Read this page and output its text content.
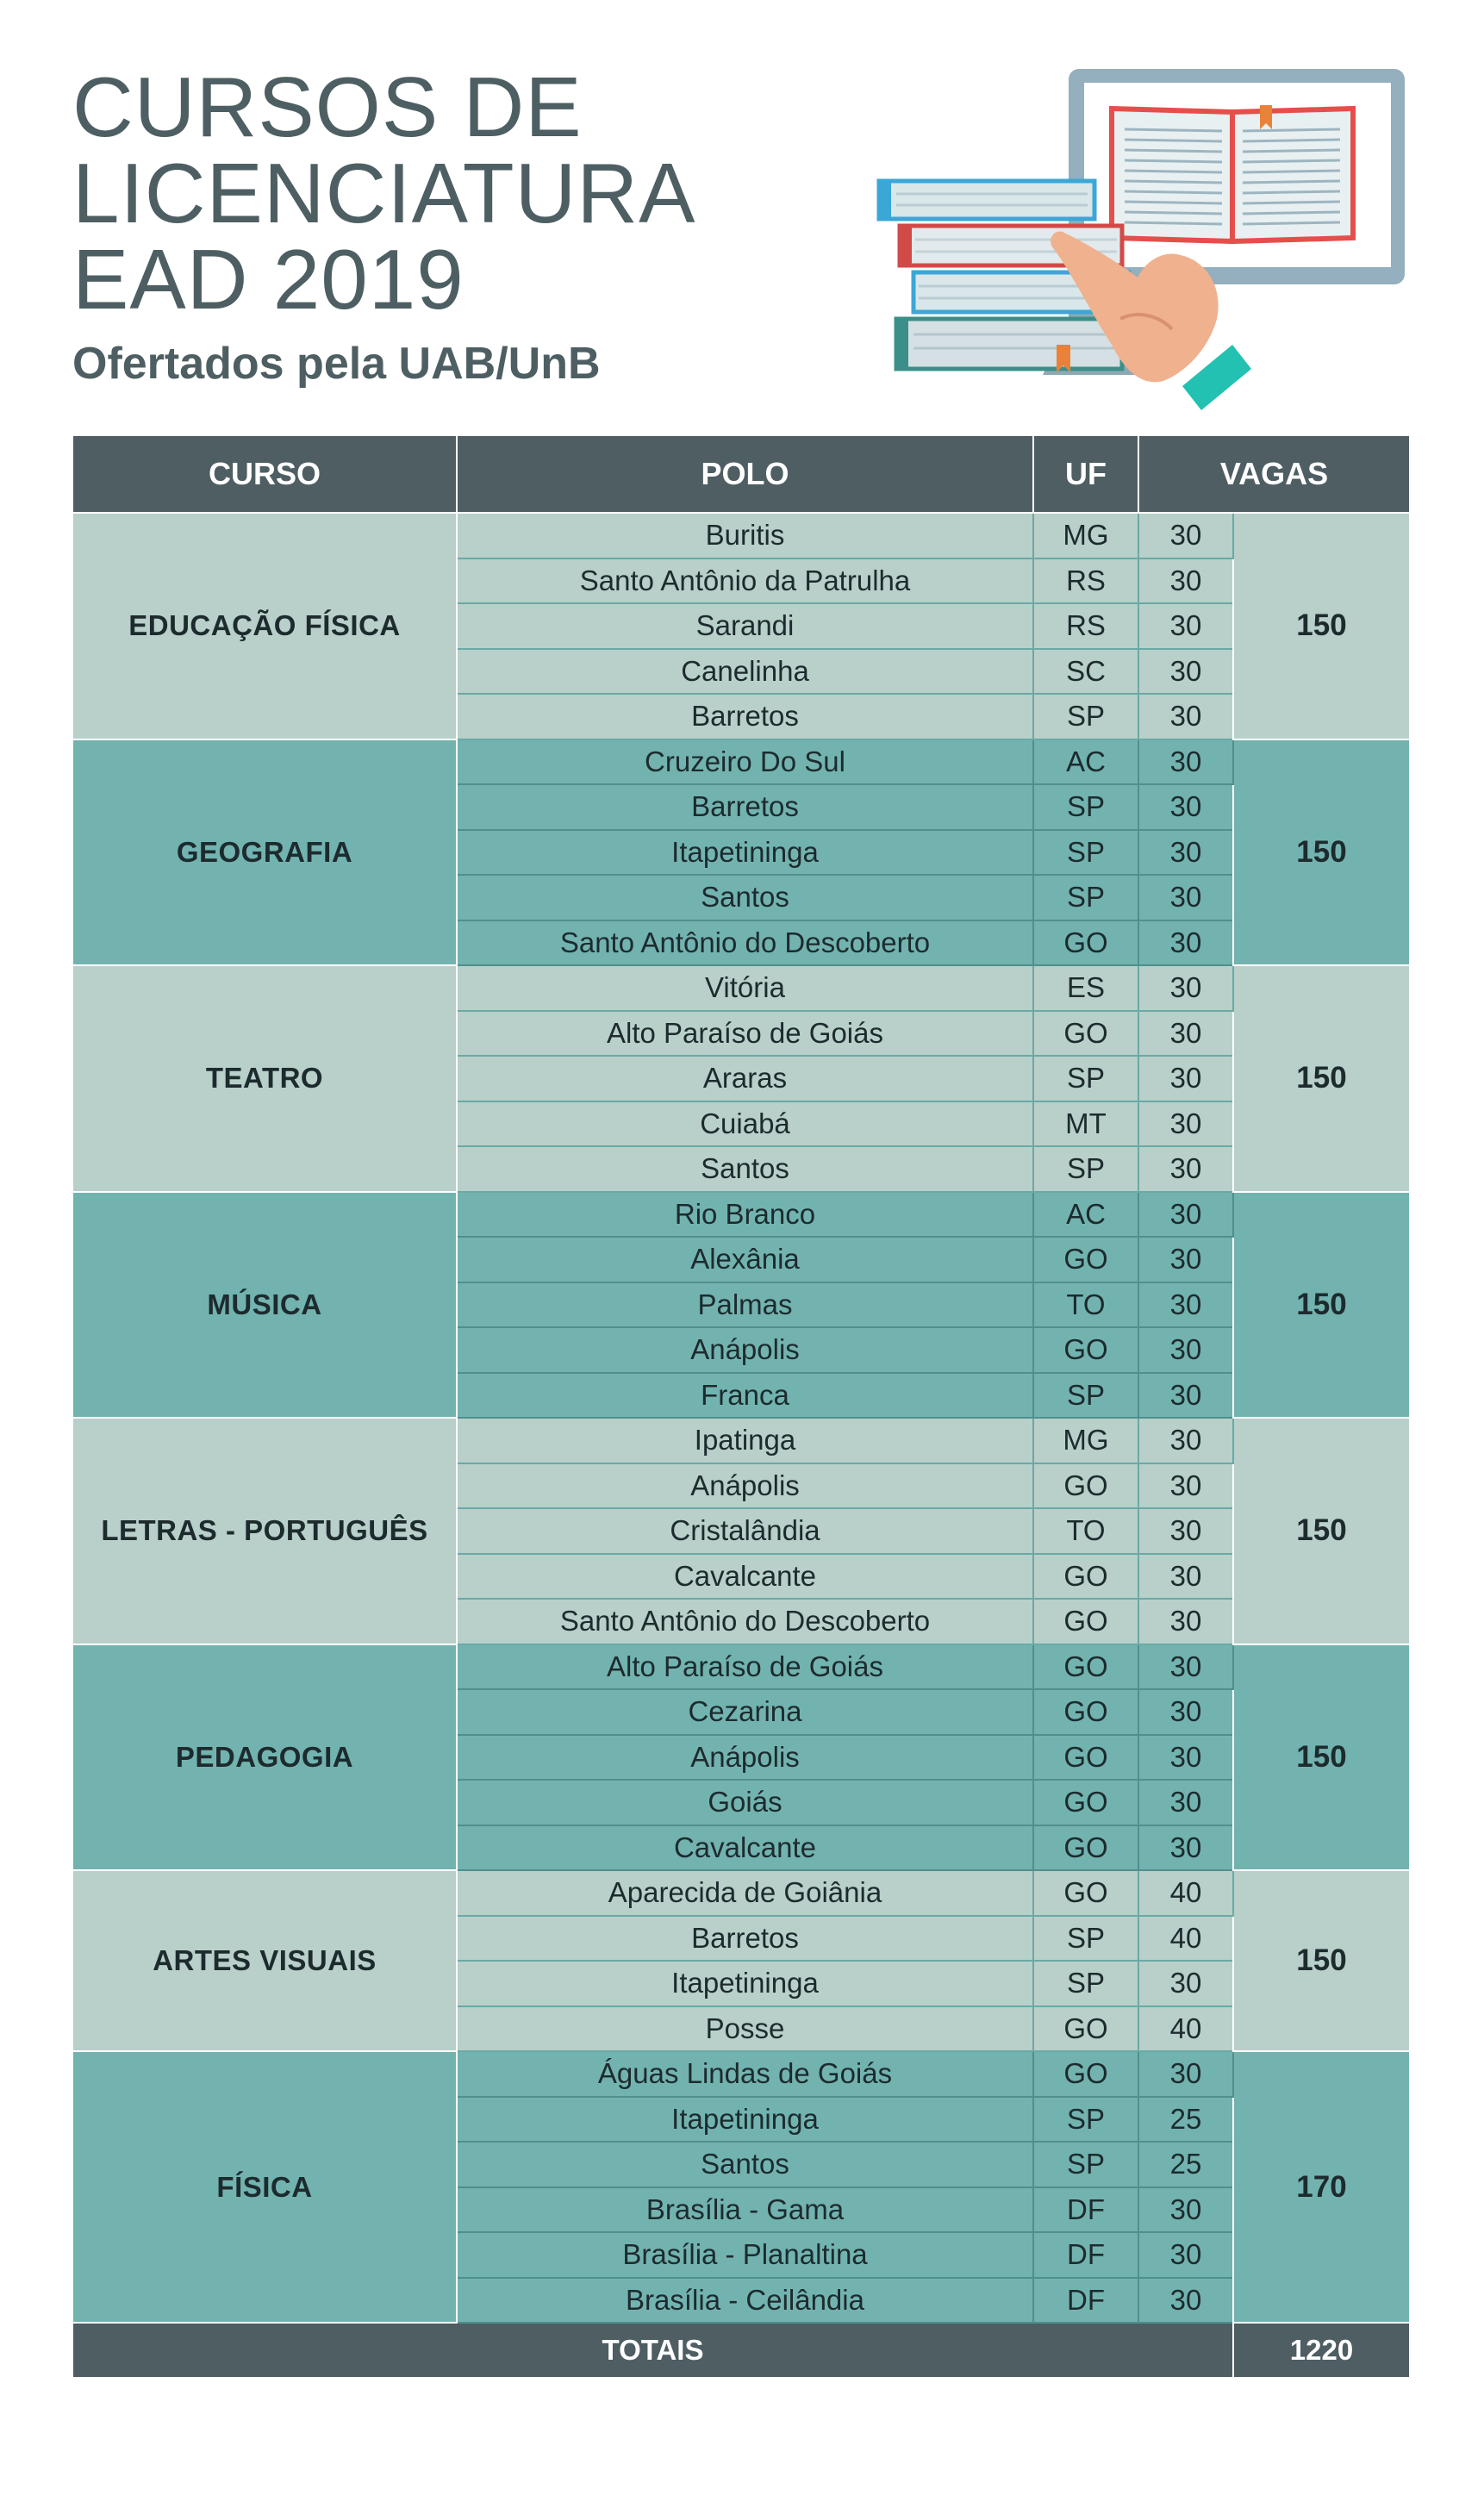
CURSOS DE
LICENCIATURA
EAD 2019
Ofertados pela UAB/UnB
CURSO	POLO	UF	VAGAS	
EDUCAÇÃO FÍSICA	Buritis	MG	30	150
	Santo Antônio da Patrulha	RS	30	
	Sarandi	RS	30	
	Canelinha	SC	30	
	Barretos	SP	30	
GEOGRAFIA	Cruzeiro Do Sul	AC	30	150
	Barretos	SP	30	
	Itapetininga	SP	30	
	Santos	SP	30	
	Santo Antônio do Descoberto	GO	30	
TEATRO	Vitória	ES	30	150
	Alto Paraíso de Goiás	GO	30	
	Araras	SP	30	
	Cuiabá	MT	30	
	Santos	SP	30	
MÚSICA	Rio Branco	AC	30	150
	Alexânia	GO	30	
	Palmas	TO	30	
	Anápolis	GO	30	
	Franca	SP	30	
LETRAS - PORTUGUÊS	Ipatinga	MG	30	150
	Anápolis	GO	30	
	Cristalândia	TO	30	
	Cavalcante	GO	30	
	Santo Antônio do Descoberto	GO	30	
PEDAGOGIA	Alto Paraíso de Goiás	GO	30	150
	Cezarina	GO	30	
	Anápolis	GO	30	
	Goiás	GO	30	
	Cavalcante	GO	30	
ARTES VISUAIS	Aparecida de Goiânia	GO	40	150
	Barretos	SP	40	
	Itapetininga	SP	30	
	Posse	GO	40	
FÍSICA	Águas Lindas de Goiás	GO	30	170
	Itapetininga	SP	25	
	Santos	SP	25	
	Brasília - Gama	DF	30	
	Brasília - Planaltina	DF	30	
	Brasília - Ceilândia	DF	30	
TOTAIS				1220
